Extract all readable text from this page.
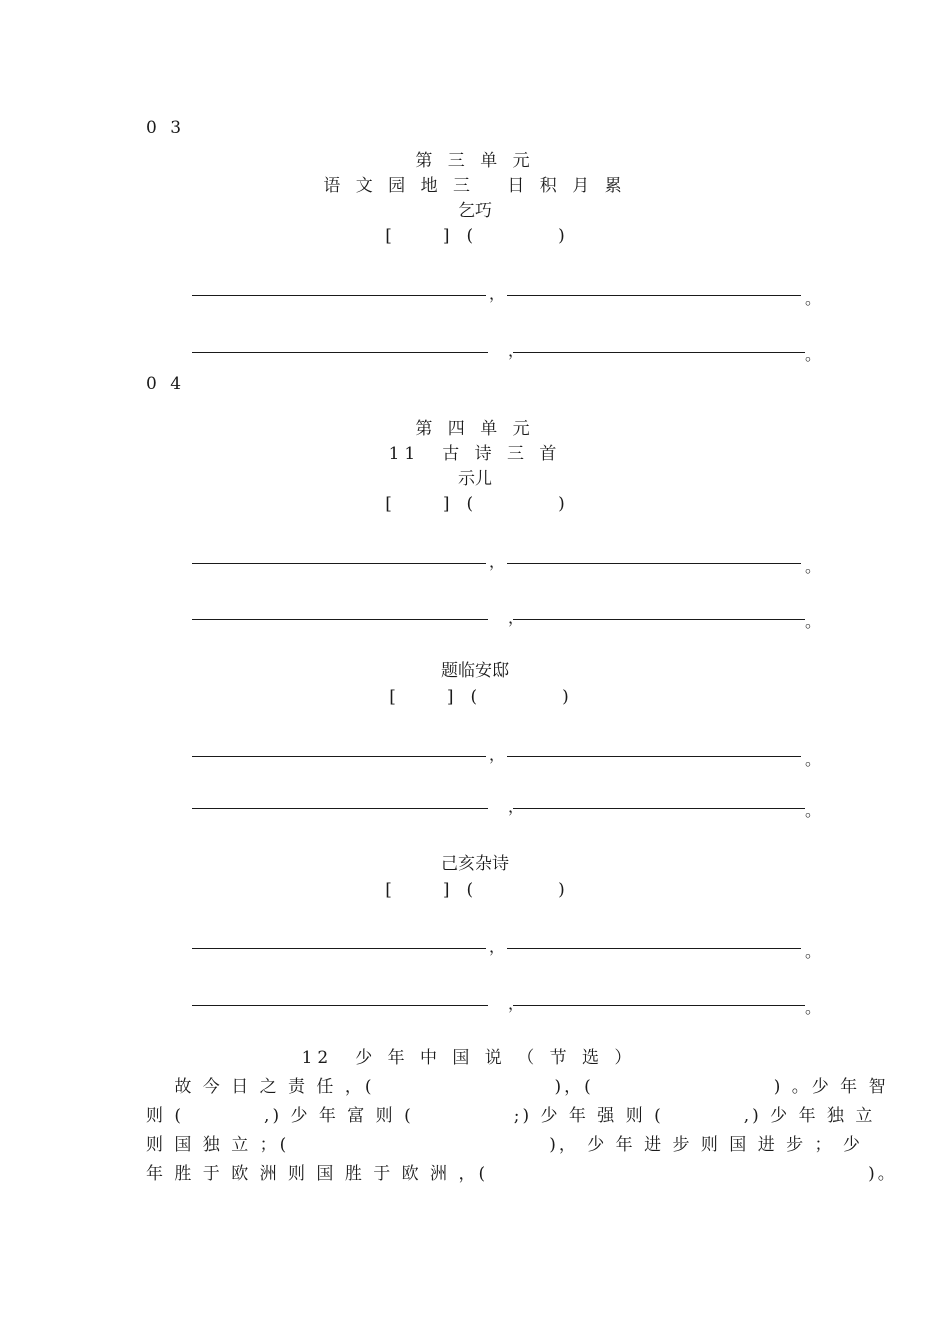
0 3
第 三 单 元
语 文 园 地 三　 日 积 月 累
乞巧
[　　　]　(　　　　　)
，	。
，	。
0 4
第 四 单 元
11　古 诗 三 首
示儿
[　　　]　(　　　　　)
，	。
，	。
题临安邸
[　　　]　(　　　　　)
，	。
，	。
己亥杂诗
[　　　]　(　　　　　)
，	。
，	。
12　少 年 中 国 说 （ 节 选 ）
　 故 今 日 之 责 任 ，(　　　　　　　　　)，(　　　　　　　　　) 。少 年 智
则 (　　　　,) 少 年 富 则 (　　　　　;) 少 年 强 则 (　　　　,) 少 年 独 立
则 国 独 立 ；(　　　　　　　　　　　　　)， 少 年 进 步 则 国 进 步 ； 少
年 胜 于 欧 洲 则 国 胜 于 欧 洲 ，(　　　　　　　　　　　　　　　　　　　)。
